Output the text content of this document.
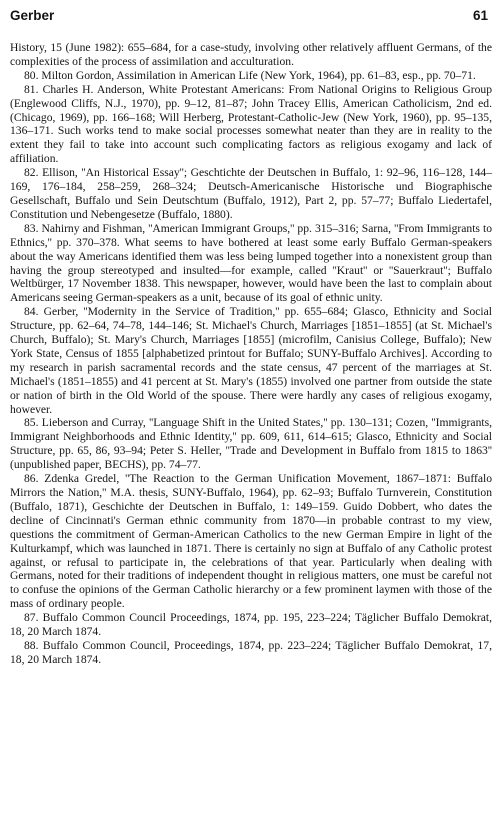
Gerber	61

History, 15 (June 1982): 655–684, for a case-study, involving other relatively affluent Germans, of the complexities of the process of assimilation and acculturation.

80. Milton Gordon, Assimilation in American Life (New York, 1964), pp. 61–83, esp., pp. 70–71.

81. Charles H. Anderson, White Protestant Americans: From National Origins to Religious Group (Englewood Cliffs, N.J., 1970), pp. 9–12, 81–87; John Tracey Ellis, American Catholicism, 2nd ed. (Chicago, 1969), pp. 166–168; Will Herberg, Protestant-Catholic-Jew (New York, 1960), pp. 95–135, 136–171. Such works tend to make social processes somewhat neater than they are in reality to the extent they fail to take into account such complicating factors as religious exogamy and lack of affiliation.

82. Ellison, ''An Historical Essay''; Geschtichte der Deutschen in Buffalo, 1: 92–96, 116–128, 144–169, 176–184, 258–259, 268–324; Deutsch-Americanische Historische und Biographische Gesellschaft, Buffalo und Sein Deutschtum (Buffalo, 1912), Part 2, pp. 57–77; Buffalo Liedertafel, Constitution und Nebengesetze (Buffalo, 1880).

83. Nahirny and Fishman, ''American Immigrant Groups,'' pp. 315–316; Sarna, ''From Immigrants to Ethnics,'' pp. 370–378. What seems to have bothered at least some early Buffalo German-speakers about the way Americans identified them was less being lumped together into a nonexistent group than having the group stereotyped and insulted—for example, called ''Kraut'' or ''Sauerkraut''; Buffalo Weltbürger, 17 November 1838. This newspaper, however, would have been the last to complain about Americans seeing German-speakers as a unit, because of its goal of ethnic unity.

84. Gerber, ''Modernity in the Service of Tradition,'' pp. 655–684; Glasco, Ethnicity and Social Structure, pp. 62–64, 74–78, 144–146; St. Michael's Church, Marriages [1851–1855] (at St. Michael's Church, Buffalo); St. Mary's Church, Marriages [1855] (microfilm, Canisius College, Buffalo); New York State, Census of 1855 [alphabetized printout for Buffalo; SUNY-Buffalo Archives]. According to my research in parish sacramental records and the state census, 47 percent of the marriages at St. Michael's (1851–1855) and 41 percent at St. Mary's (1855) involved one partner from outside the state or nation of birth in the Old World of the spouse. There were hardly any cases of religious exogamy, however.

85. Lieberson and Curray, ''Language Shift in the United States,'' pp. 130–131; Cozen, ''Immigrants, Immigrant Neighborhoods and Ethnic Identity,'' pp. 609, 611, 614–615; Glasco, Ethnicity and Social Structure, pp. 65, 86, 93–94; Peter S. Heller, ''Trade and Development in Buffalo from 1815 to 1863'' (unpublished paper, BECHS), pp. 74–77.

86. Zdenka Gredel, ''The Reaction to the German Unification Movement, 1867–1871: Buffalo Mirrors the Nation,'' M.A. thesis, SUNY-Buffalo, 1964), pp. 62–93; Buffalo Turnverein, Constitution (Buffalo, 1871), Geschichte der Deutschen in Buffalo, 1: 149–159. Guido Dobbert, who dates the decline of Cincinnati's German ethnic community from 1870—in probable contrast to my view, questions the commitment of German-American Catholics to the new German Empire in light of the Kulturkampf, which was launched in 1871. There is certainly no sign at Buffalo of any Catholic protest against, or refusal to participate in, the celebrations of that year. Particularly when dealing with Germans, noted for their traditions of independent thought in religious matters, one must be careful not to confuse the opinions of the German Catholic hierarchy or a few prominent laymen with those of the mass of ordinary people.

87. Buffalo Common Council Proceedings, 1874, pp. 195, 223–224; Täglicher Buffalo Demokrat, 18, 20 March 1874.

88. Buffalo Common Council, Proceedings, 1874, pp. 223–224; Täglicher Buffalo Demokrat, 17, 18, 20 March 1874.
